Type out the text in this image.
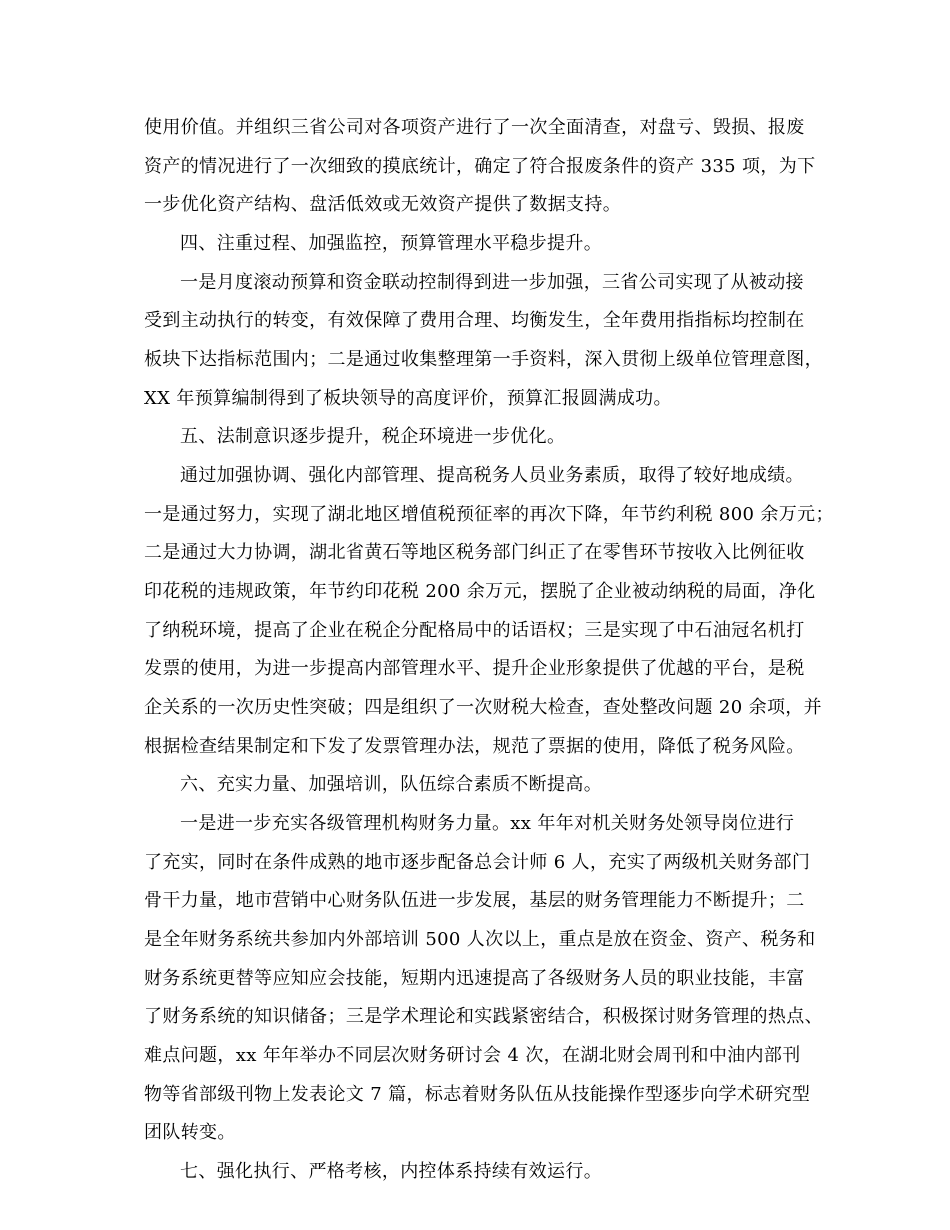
使用价值。并组织三省公司对各项资产进行了一次全面清查，对盘亏、毁损、报废
资产的情况进行了一次细致的摸底统计，确定了符合报废条件的资产 335 项，为下
一步优化资产结构、盘活低效或无效资产提供了数据支持。
四、注重过程、加强监控，预算管理水平稳步提升。
一是月度滚动预算和资金联动控制得到进一步加强，三省公司实现了从被动接
受到主动执行的转变，有效保障了费用合理、均衡发生，全年费用指指标均控制在
板块下达指标范围内；二是通过收集整理第一手资料，深入贯彻上级单位管理意图，
XX 年预算编制得到了板块领导的高度评价，预算汇报圆满成功。
五、法制意识逐步提升，税企环境进一步优化。
通过加强协调、强化内部管理、提高税务人员业务素质，取得了较好地成绩。
一是通过努力，实现了湖北地区增值税预征率的再次下降，年节约利税 800 余万元；
二是通过大力协调，湖北省黄石等地区税务部门纠正了在零售环节按收入比例征收
印花税的违规政策，年节约印花税 200 余万元，摆脱了企业被动纳税的局面，净化
了纳税环境，提高了企业在税企分配格局中的话语权；三是实现了中石油冠名机打
发票的使用，为进一步提高内部管理水平、提升企业形象提供了优越的平台，是税
企关系的一次历史性突破；四是组织了一次财税大检查，查处整改问题 20 余项，并
根据检查结果制定和下发了发票管理办法，规范了票据的使用，降低了税务风险。
六、充实力量、加强培训，队伍综合素质不断提高。
一是进一步充实各级管理机构财务力量。xx 年年对机关财务处领导岗位进行
了充实，同时在条件成熟的地市逐步配备总会计师 6 人，充实了两级机关财务部门
骨干力量，地市营销中心财务队伍进一步发展，基层的财务管理能力不断提升；二
是全年财务系统共参加内外部培训 500 人次以上，重点是放在资金、资产、税务和
财务系统更替等应知应会技能，短期内迅速提高了各级财务人员的职业技能，丰富
了财务系统的知识储备；三是学术理论和实践紧密结合，积极探讨财务管理的热点、
难点问题，xx 年年举办不同层次财务研讨会 4 次，在湖北财会周刊和中油内部刊
物等省部级刊物上发表论文 7 篇，标志着财务队伍从技能操作型逐步向学术研究型
团队转变。
七、强化执行、严格考核，内控体系持续有效运行。
